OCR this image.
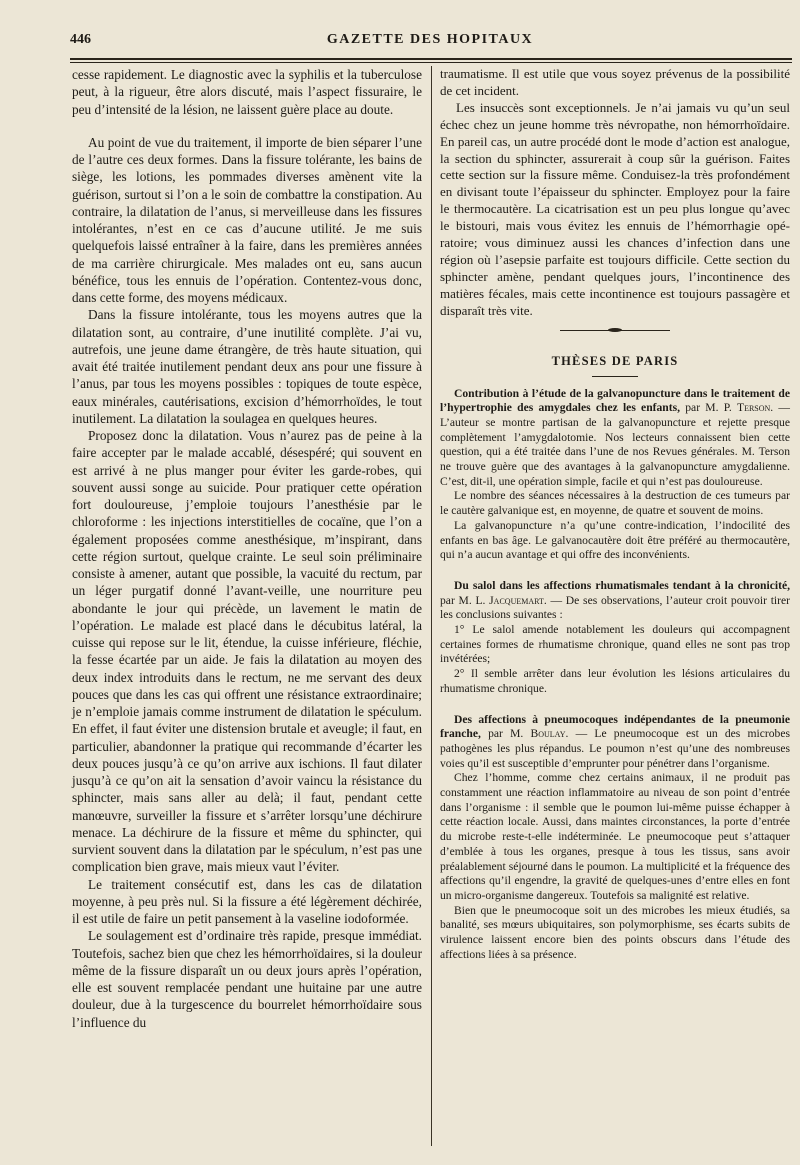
446	GAZETTE DES HOPITAUX

cesse rapidement. Le diagnostic avec la syphilis et la tuberculose peut, à la rigueur, être alors discuté, mais l’aspect fissuraire, le peu d’intensité de la lésion, ne laissent guère place au doute.

Au point de vue du traitement, il importe de bien séparer l’une de l’autre ces deux formes. Dans la fissure tolérante, les bains de siège, les lotions, les pommades diverses amènent vite la guérison, surtout si l’on a le soin de combattre la constipation. Au contraire, la dilatation de l’anus, si merveilleuse dans les fissures intolérantes, n’est en ce cas d’aucune utilité. Je me suis quelquefois laissé entraîner à la faire, dans les premières années de ma carrière chirurgicale. Mes malades ont eu, sans aucun bénéfice, tous les ennuis de l’opération. Contentez-vous donc, dans cette forme, des moyens médicaux.

Dans la fissure intolérante, tous les moyens autres que la dilatation sont, au contraire, d’une inutilité complète. J’ai vu, autrefois, une jeune dame étrangère, de très haute situation, qui avait été traitée inutilement pendant deux ans pour une fissure à l’anus, par tous les moyens possibles : topiques de toute espèce, eaux minérales, cautérisations, excision d’hémorrhoïdes, le tout inutilement. La dilatation la soulagea en quelques heures.

Proposez donc la dilatation. Vous n’aurez pas de peine à la faire accepter par le malade accablé, désespéré; qui souvent en est arrivé à ne plus manger pour éviter les garde-robes, qui souvent aussi songe au suicide. Pour pratiquer cette opération fort douloureuse, j’emploie toujours l’anesthésie par le chloroforme : les injections interstitielles de cocaïne, que l’on a également proposées comme anesthésique, m’inspirant, dans cette région surtout, quelque crainte. Le seul soin préliminaire consiste à amener, autant que possible, la vacuité du rectum, par un léger purgatif donné l’avant-veille, une nourriture peu abondante le jour qui précède, un lavement le matin de l’opération. Le malade est placé dans le décubitus latéral, la cuisse qui repose sur le lit, étendue, la cuisse inférieure, fléchie, la fesse écartée par un aide. Je fais la dilatation au moyen des deux index introduits dans le rectum, ne me servant des deux pouces que dans les cas qui offrent une résistance extraordinaire; je n’emploie jamais comme instrument de dilatation le spéculum. En effet, il faut éviter une distension brutale et aveugle; il faut, en particulier, abandonner la pratique qui recommande d’écarter les deux pouces jusqu’à ce qu’on arrive aux ischions. Il faut dilater jusqu’à ce qu’on ait la sensation d’avoir vaincu la résistance du sphincter, mais sans aller au delà; il faut, pendant cette manœuvre, surveiller la fissure et s’arrêter lorsqu’une déchirure menace. La déchirure de la fissure et même du sphincter, qui survient souvent dans la dilatation par le spéculum, n’est pas une complication bien grave, mais mieux vaut l’éviter.

Le traitement consécutif est, dans les cas de dilatation moyenne, à peu près nul. Si la fissure a été légèrement déchirée, il est utile de faire un petit pansement à la vaseline iodoformée.

Le soulagement est d’ordinaire très rapide, presque immédiat. Toutefois, sachez bien que chez les hémorrhoïdaires, si la douleur même de la fissure disparaît un ou deux jours après l’opération, elle est souvent remplacée pendant une huitaine par une autre douleur, due à la turgescence du bourrelet hémorrhoïdaire sous l’influence du

traumatisme. Il est utile que vous soyez prévenus de la possibilité de cet incident.

Les insuccès sont exceptionnels. Je n’ai jamais vu qu’un seul échec chez un jeune homme très névropathe, non hémorrhoïdaire. En pareil cas, un autre procédé dont le mode d’action est analogue, la section du sphincter, assurerait à coup sûr la guérison. Faites cette section sur la fissure même. Conduisez-la très profondément en divisant toute l’épaisseur du sphincter. Employez pour la faire le thermocautère. La cicatrisation est un peu plus longue qu’avec le bistouri, mais vous évitez les ennuis de l’hémorrhagie opératoire; vous diminuez aussi les chances d’infection dans une région où l’asepsie parfaite est toujours difficile. Cette section du sphincter amène, pendant quelques jours, l’incontinence des matières fécales, mais cette incontinence est toujours passagère et disparaît très vite.

THÈSES DE PARIS

Contribution à l’étude de la galvanopuncture dans le traitement de l’hypertrophie des amygdales chez les enfants, par M. P. Terson. — L’auteur se montre partisan de la galvanopuncture et rejette presque complètement l’amygdalotomie. Nos lecteurs connaissent bien cette question, qui a été traitée dans l’une de nos Revues générales. M. Terson ne trouve guère que des avantages à la galvanopuncture amygdalienne. C’est, dit-il, une opération simple, facile et qui n’est pas douloureuse.

Le nombre des séances nécessaires à la destruction de ces tumeurs par le cautère galvanique est, en moyenne, de quatre et souvent de moins.

La galvanopuncture n’a qu’une contre-indication, l’indocilité des enfants en bas âge. Le galvanocautère doit être préféré au thermocautère, qui n’a aucun avantage et qui offre des inconvénients.

Du salol dans les affections rhumatismales tendant à la chronicité, par M. L. Jacquemart. — De ses observations, l’auteur croit pouvoir tirer les conclusions suivantes :

1° Le salol amende notablement les douleurs qui accompagnent certaines formes de rhumatisme chronique, quand elles ne sont pas trop invétérées;

2° Il semble arrêter dans leur évolution les lésions articulaires du rhumatisme chronique.

Des affections à pneumocoques indépendantes de la pneumonie franche, par M. Boulay. — Le pneumocoque est un des microbes pathogènes les plus répandus. Le poumon n’est qu’une des nombreuses voies qu’il est susceptible d’emprunter pour pénétrer dans l’organisme.

Chez l’homme, comme chez certains animaux, il ne produit pas constamment une réaction inflammatoire au niveau de son point d’entrée dans l’organisme : il semble que le poumon lui-même puisse échapper à cette réaction locale. Aussi, dans maintes circonstances, la porte d’entrée du microbe reste-t-elle indéterminée. Le pneumocoque peut s’attaquer d’emblée à tous les organes, presque à tous les tissus, sans avoir préalablement séjourné dans le poumon. La multiplicité et la fréquence des affections qu’il engendre, la gravité de quelques-unes d’entre elles en font un micro-organisme dangereux. Toutefois sa malignité est relative.

Bien que le pneumocoque soit un des microbes les mieux étudiés, sa banalité, ses mœurs ubiquitaires, son polymorphisme, ses écarts subits de virulence laissent encore bien des points obscurs dans l’étude des affections liées à sa présence.
